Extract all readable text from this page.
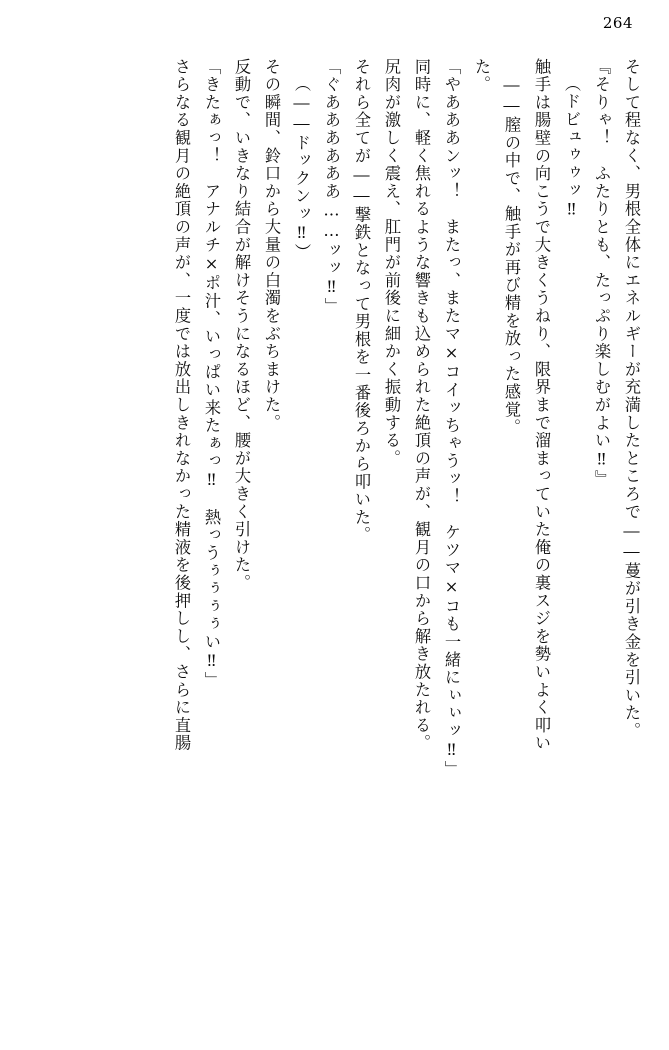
264
そして程なく、男根全体にエネルギーが充満したところで――蔓が引き金を引いた。
『そりゃ！　ふたりとも、たっぷり楽しむがよい‼』
（ドビュゥゥッ‼
触手は腸壁の向こうで大きくうねり、限界まで溜まっていた俺の裏スジを勢いよく叩い
――膣の中で、触手が再び精を放った感覚。
た。
「やあああンッ！　またっ、またマ×コイッちゃうッ！　ケツマ×コも一緒にぃぃッ‼」
同時に、軽く焦れるような響きも込められた絶頂の声が、観月の口から解き放たれる。
尻肉が激しく震え、肛門が前後に細かく振動する。
それら全てが――撃鉄となって男根を一番後ろから叩いた。
「ぐああああああ……ッッ‼」
（――ドックンッ‼）
その瞬間、鈴口から大量の白濁をぶちまけた。
反動で、いきなり結合が解けそうになるほど、腰が大きく引けた。
「きたぁっ！　アナルチ×ポ汁、いっぱい来たぁっ‼　熱っうぅぅぅぅい‼」
さらなる観月の絶頂の声が、一度では放出しきれなかった精液を後押しし、さらに直腸
